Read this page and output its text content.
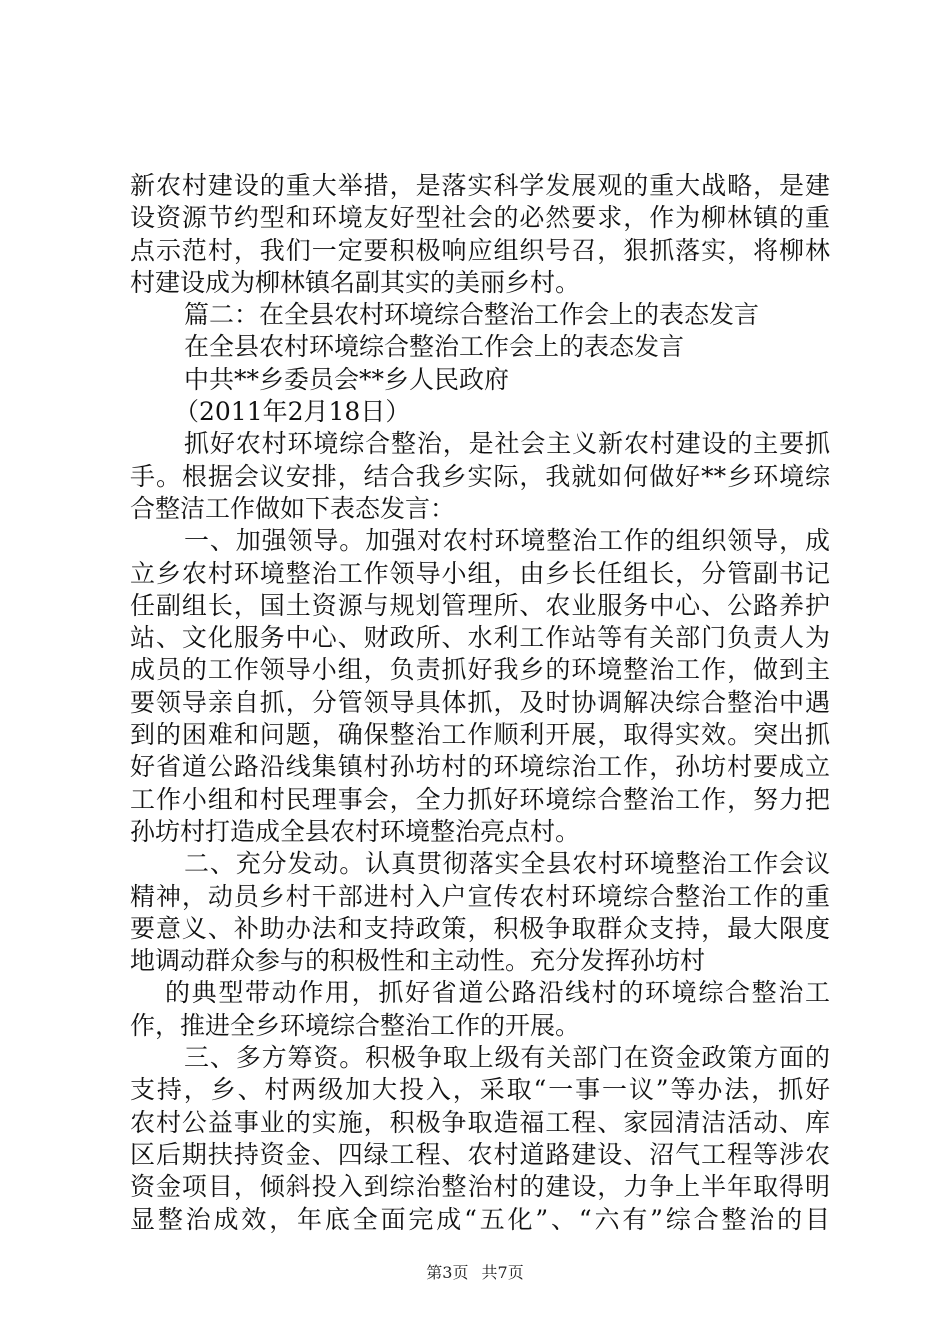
新农村建设的重大举措，是落实科学发展观的重大战略，是建
设资源节约型和环境友好型社会的必然要求，作为柳林镇的重
点示范村，我们一定要积极响应组织号召，狠抓落实，将柳林
村建设成为柳林镇名副其实的美丽乡村。
篇二：在全县农村环境综合整治工作会上的表态发言
在全县农村环境综合整治工作会上的表态发言
中共**乡委员会**乡人民政府
（2011年2月18日）
抓好农村环境综合整治，是社会主义新农村建设的主要抓
手。根据会议安排，结合我乡实际，我就如何做好**乡环境综
合整洁工作做如下表态发言：
一、加强领导。加强对农村环境整治工作的组织领导，成
立乡农村环境整治工作领导小组，由乡长任组长，分管副书记
任副组长，国土资源与规划管理所、农业服务中心、公路养护
站、文化服务中心、财政所、水利工作站等有关部门负责人为
成员的工作领导小组，负责抓好我乡的环境整治工作，做到主
要领导亲自抓，分管领导具体抓，及时协调解决综合整治中遇
到的困难和问题，确保整治工作顺利开展，取得实效。突出抓
好省道公路沿线集镇村孙坊村的环境综治工作，孙坊村要成立
工作小组和村民理事会，全力抓好环境综合整治工作，努力把
孙坊村打造成全县农村环境整治亮点村。
二、充分发动。认真贯彻落实全县农村环境整治工作会议
精神，动员乡村干部进村入户宣传农村环境综合整治工作的重
要意义、补助办法和支持政策，积极争取群众支持，最大限度
地调动群众参与的积极性和主动性。充分发挥孙坊村
的典型带动作用，抓好省道公路沿线村的环境综合整治工
作，推进全乡环境综合整治工作的开展。
三、多方筹资。积极争取上级有关部门在资金政策方面的
支持，乡、村两级加大投入，采取“一事一议”等办法，抓好
农村公益事业的实施，积极争取造福工程、家园清洁活动、库
区后期扶持资金、四绿工程、农村道路建设、沼气工程等涉农
资金项目，倾斜投入到综治整治村的建设，力争上半年取得明
显整治成效，年底全面完成“五化”、“六有”综合整治的目
第3页 共7页
